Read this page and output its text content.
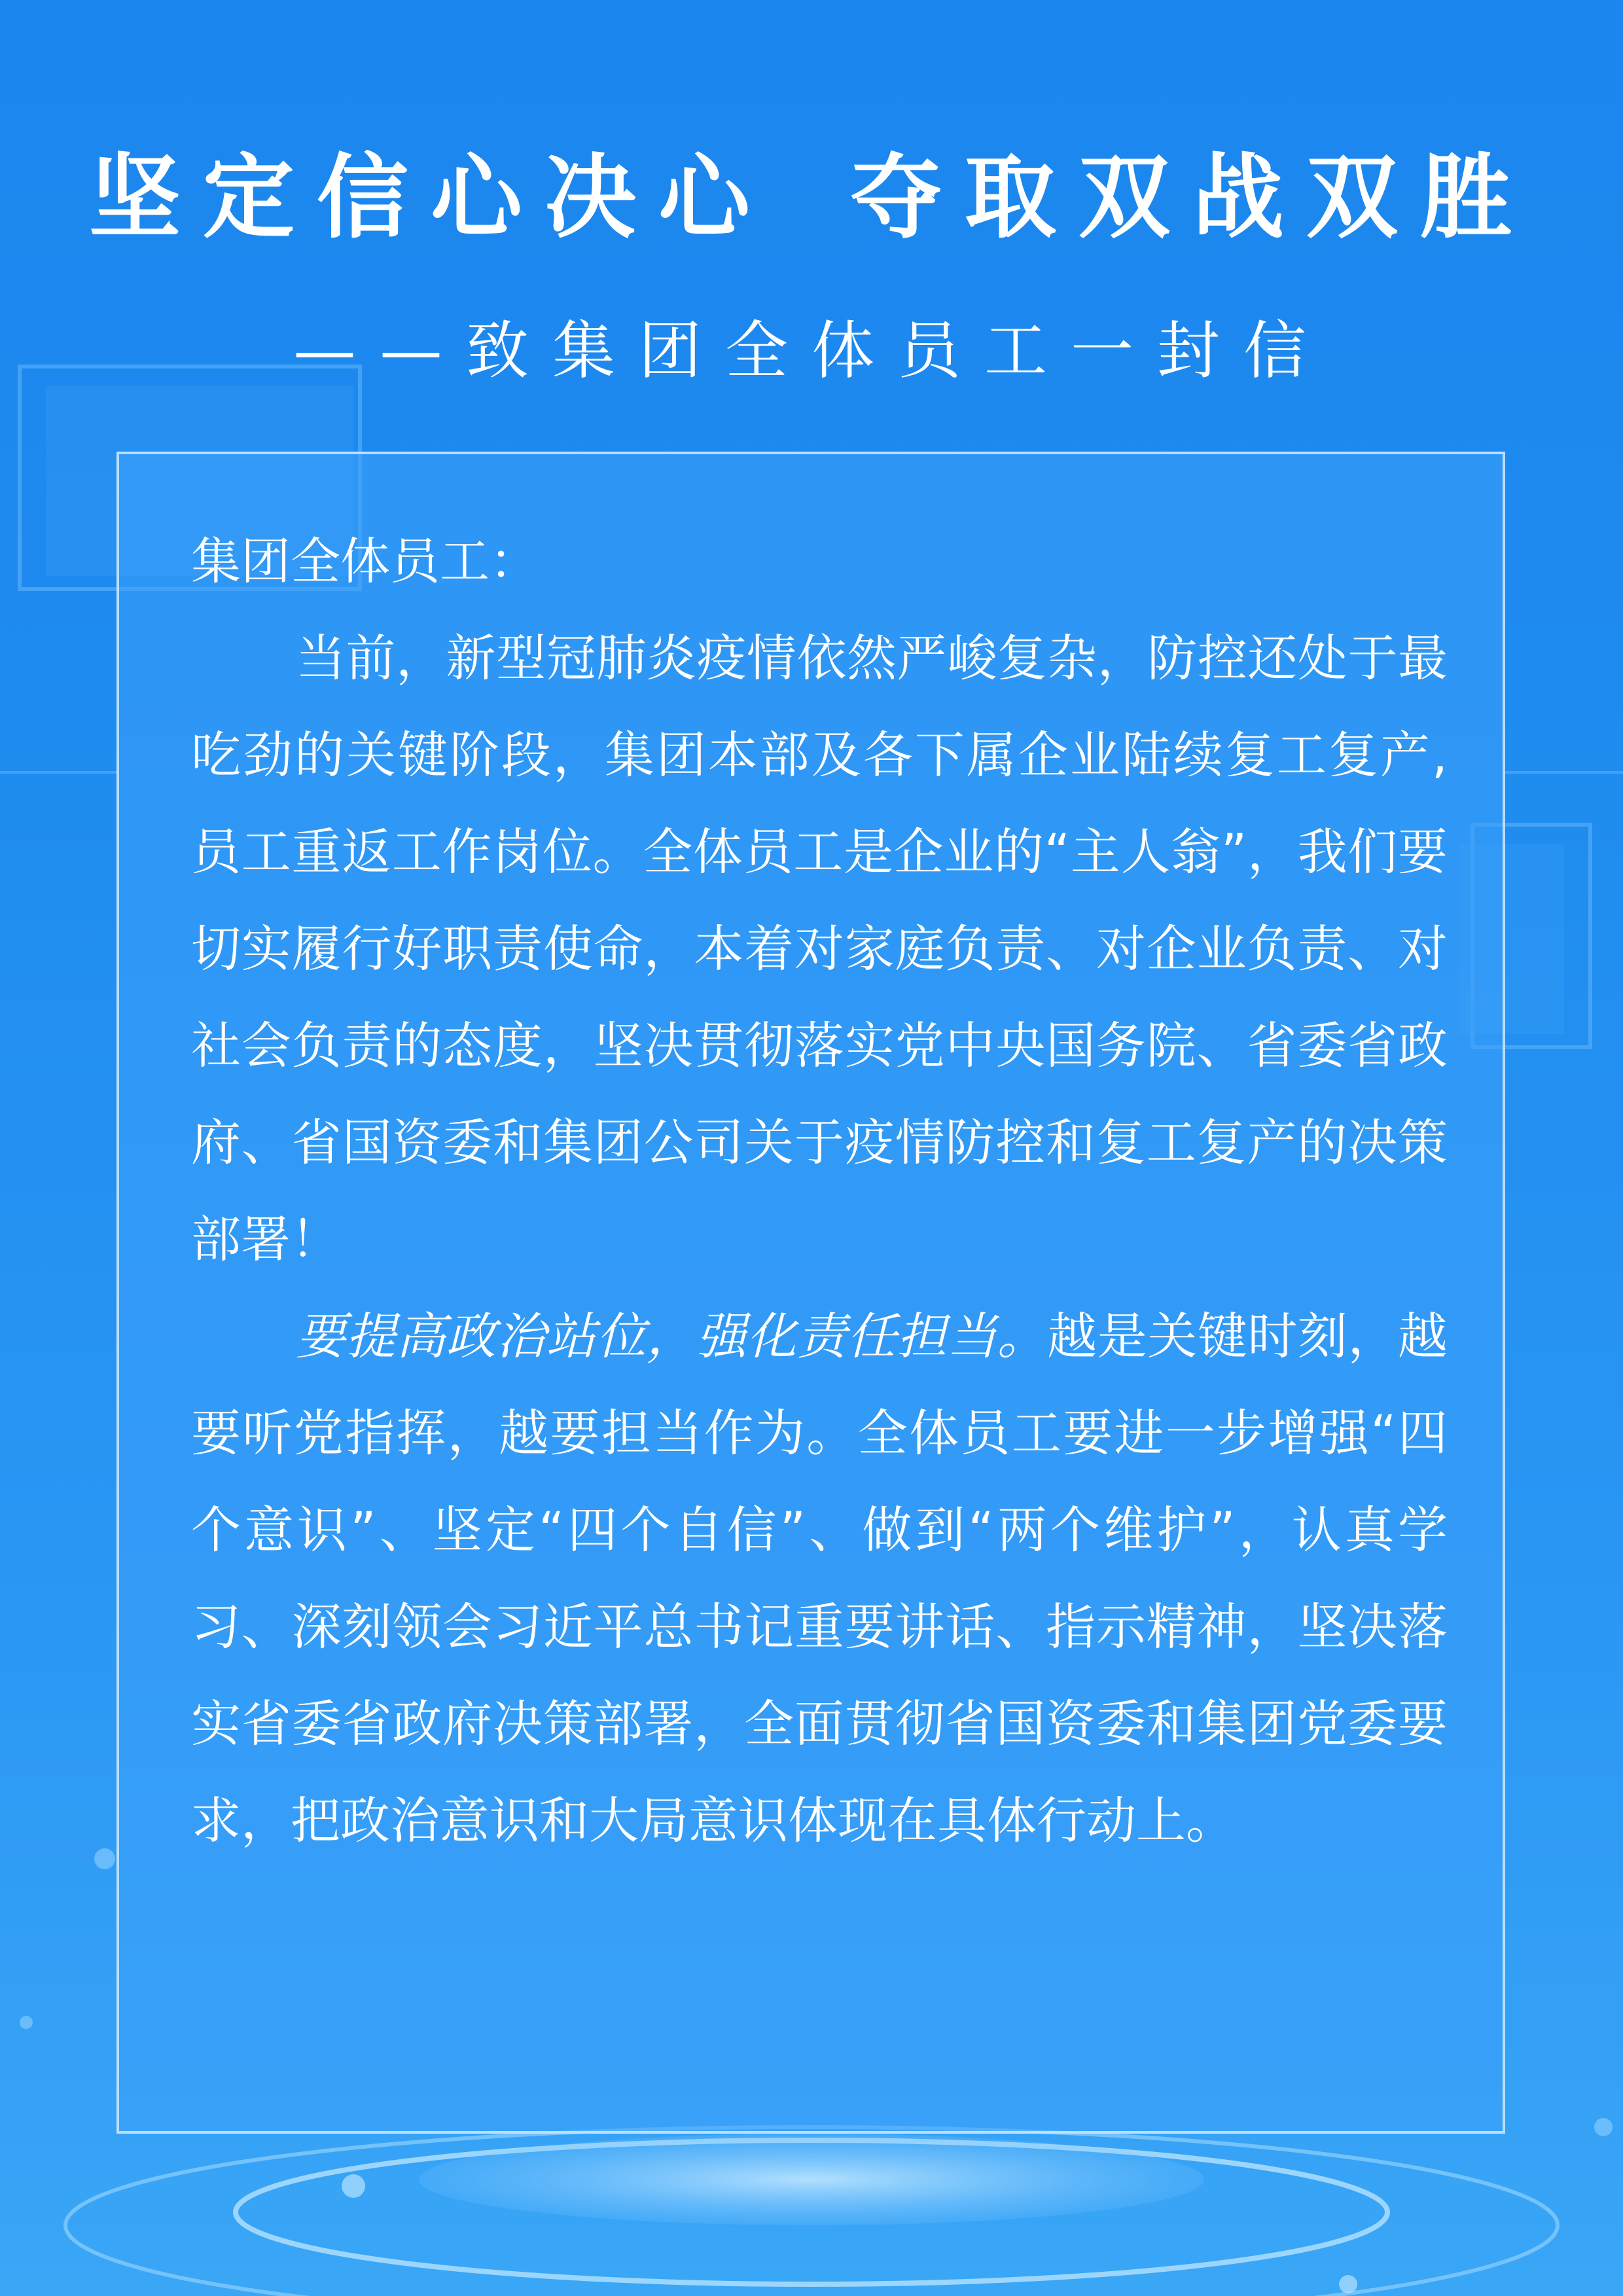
坚定信心决心 夺取双战双胜
——致集团全体员工一封信

集团全体员工：

当前，新型冠肺炎疫情依然严峻复杂，防控还处于最吃劲的关键阶段，集团本部及各下属企业陆续复工复产,员工重返工作岗位。全体员工是企业的“主人翁”，我们要切实履行好职责使命，本着对家庭负责、对企业负责、对社会负责的态度，坚决贯彻落实党中央国务院、省委省政府、省国资委和集团公司关于疫情防控和复工复产的决策部署！

要提高政治站位，强化责任担当。越是关键时刻，越要听党指挥，越要担当作为。全体员工要进一步增强“四个意识”、坚定“四个自信”、做到“两个维护”，认真学习、深刻领会习近平总书记重要讲话、指示精神，坚决落实省委省政府决策部署，全面贯彻省国资委和集团党委要求，把政治意识和大局意识体现在具体行动上。
